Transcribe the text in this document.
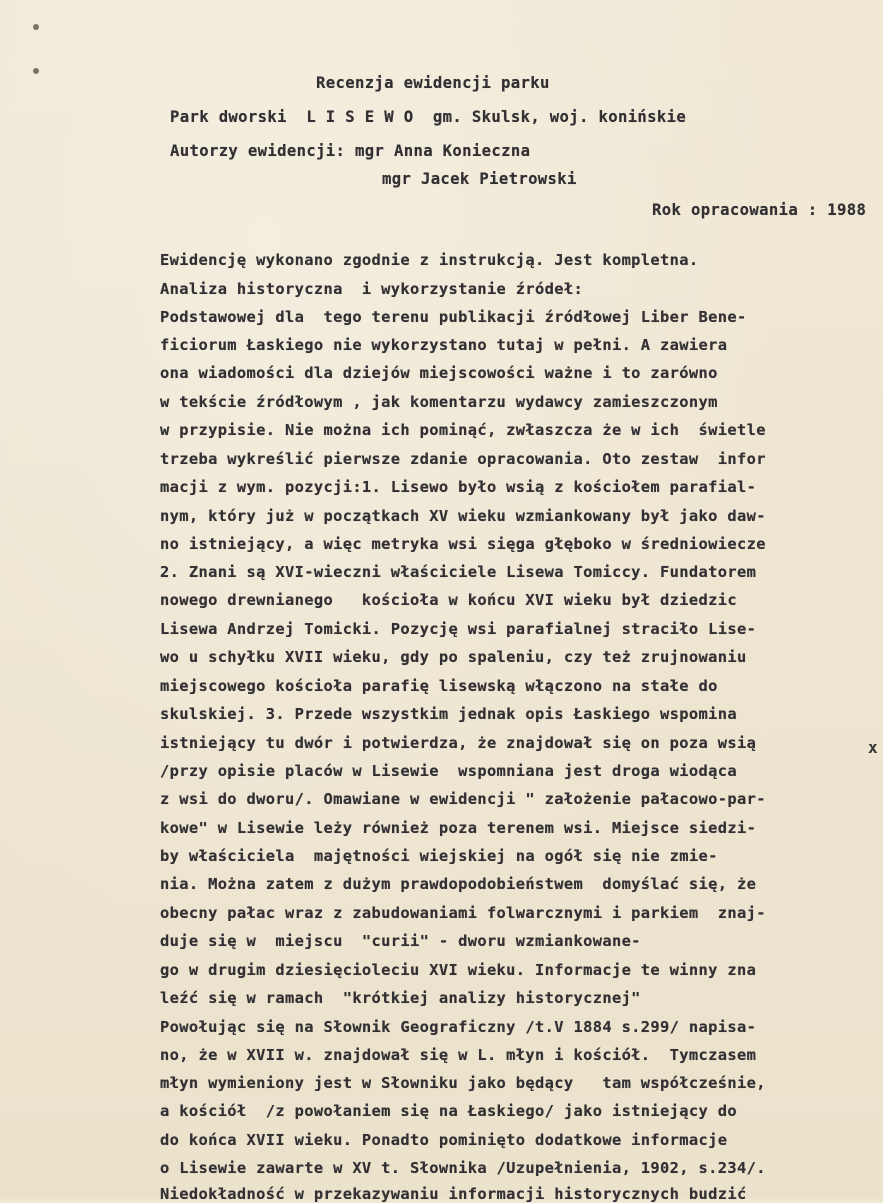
Recenzja ewidencji parku
Park dworski  L I S E W O  gm. Skulsk, woj. konińskie
Autorzy ewidencji: mgr Anna Konieczna
mgr Jacek Pietrowski
Rok opracowania : 1988
Ewidencję wykonano zgodnie z instrukcją. Jest kompletna.
Analiza historyczna  i wykorzystanie źródeł:
Podstawowej dla  tego terenu publikacji źródłowej Liber Bene-
ficiorum Łaskiego nie wykorzystano tutaj w pełni. A zawiera
ona wiadomości dla dziejów miejscowości ważne i to zarówno
w tekście źródłowym , jak komentarzu wydawcy zamieszczonym
w przypisie. Nie można ich pominąć, zwłaszcza że w ich  świetle
trzeba wykreślić pierwsze zdanie opracowania. Oto zestaw  infor
macji z wym. pozycji:1. Lisewo było wsią z kościołem parafial-
nym, który już w początkach XV wieku wzmiankowany był jako daw-
no istniejący, a więc metryka wsi sięga głęboko w średniowiecze
2. Znani są XVI-wieczni właściciele Lisewa Tomiccy. Fundatorem
nowego drewnianego   kościoła w końcu XVI wieku był dziedzic
Lisewa Andrzej Tomicki. Pozycję wsi parafialnej straciło Lise-
wo u schyłku XVII wieku, gdy po spaleniu, czy też zrujnowaniu
miejscowego kościoła parafię lisewską włączono na stałe do
skulskiej. 3. Przede wszystkim jednak opis Łaskiego wspomina
istniejący tu dwór i potwierdza, że znajdował się on poza wsią
/przy opisie placów w Lisewie  wspomniana jest droga wiodąca
z wsi do dworu/. Omawiane w ewidencji " założenie pałacowo-par-
kowe" w Lisewie leży również poza terenem wsi. Miejsce siedzi-
by właściciela  majętności wiejskiej na ogół się nie zmie-
nia. Można zatem z dużym prawdopodobieństwem  domyślać się, że
obecny pałac wraz z zabudowaniami folwarcznymi i parkiem  znaj-
duje się w  miejscu  "curii" - dworu wzmiankowane-
go w drugim dziesięcioleciu XVI wieku. Informacje te winny zna
leźć się w ramach  "krótkiej analizy historycznej"
Powołując się na Słownik Geograficzny /t.V 1884 s.299/ napisa-
no, że w XVII w. znajdował się w L. młyn i kościół.  Tymczasem
młyn wymieniony jest w Słowniku jako będący   tam współcześnie,
a kościół  /z powołaniem się na Łaskiego/ jako istniejący do
do końca XVII wieku. Ponadto pominięto dodatkowe informacje
o Lisewie zawarte w XV t. Słownika /Uzupełnienia, 1902, s.234/.
Niedokładność w przekazywaniu informacji historycznych budzić
x
